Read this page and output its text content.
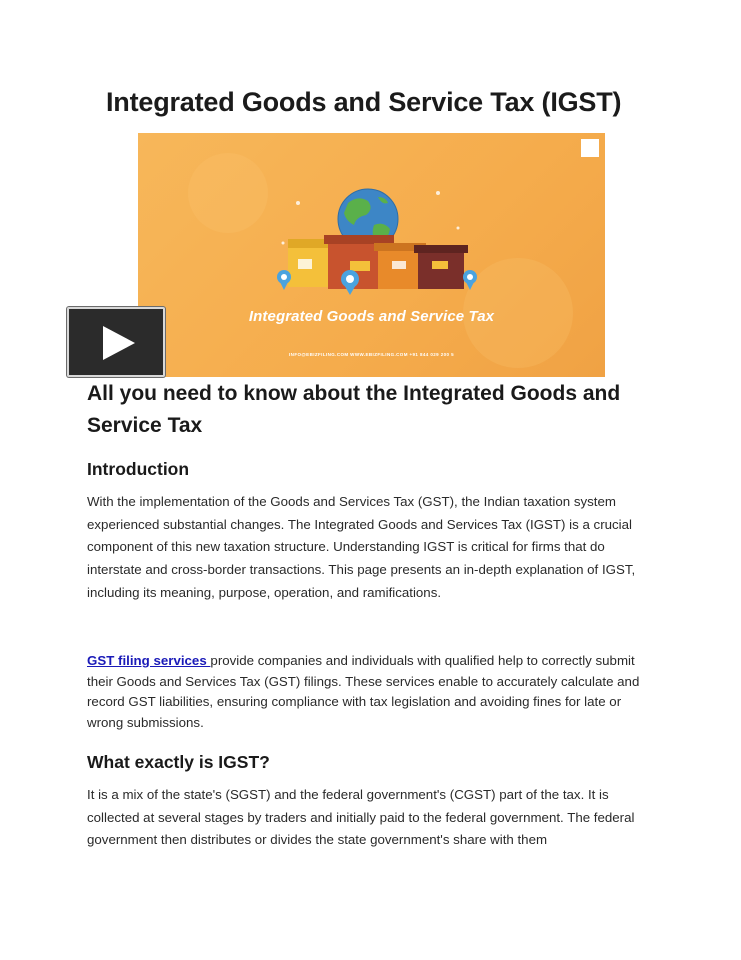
Integrated Goods and Service Tax (IGST)
Integrated Goods and Service Tax
INFO@EBIZFILING.COM WWW.EBIZFILING.COM +91 844 029 200 5
All you need to know about the Integrated Goods and Service Tax
Introduction

With the implementation of the Goods and Services Tax (GST), the Indian taxation system experienced substantial changes. The Integrated Goods and Services Tax (IGST) is a crucial component of this new taxation structure. Understanding IGST is critical for firms that do interstate and cross-border transactions. This page presents an in-depth explanation of IGST, including its meaning, purpose, operation, and ramifications.

GST filing services provide companies and individuals with qualified help to correctly submit their Goods and Services Tax (GST) filings. These services enable to accurately calculate and record GST liabilities, ensuring compliance with tax legislation and avoiding fines for late or wrong submissions.

What exactly is IGST?

It is a mix of the state's (SGST) and the federal government's (CGST) part of the tax. It is collected at several stages by traders and initially paid to the federal government. The federal government then distributes or divides the state government's share with them
